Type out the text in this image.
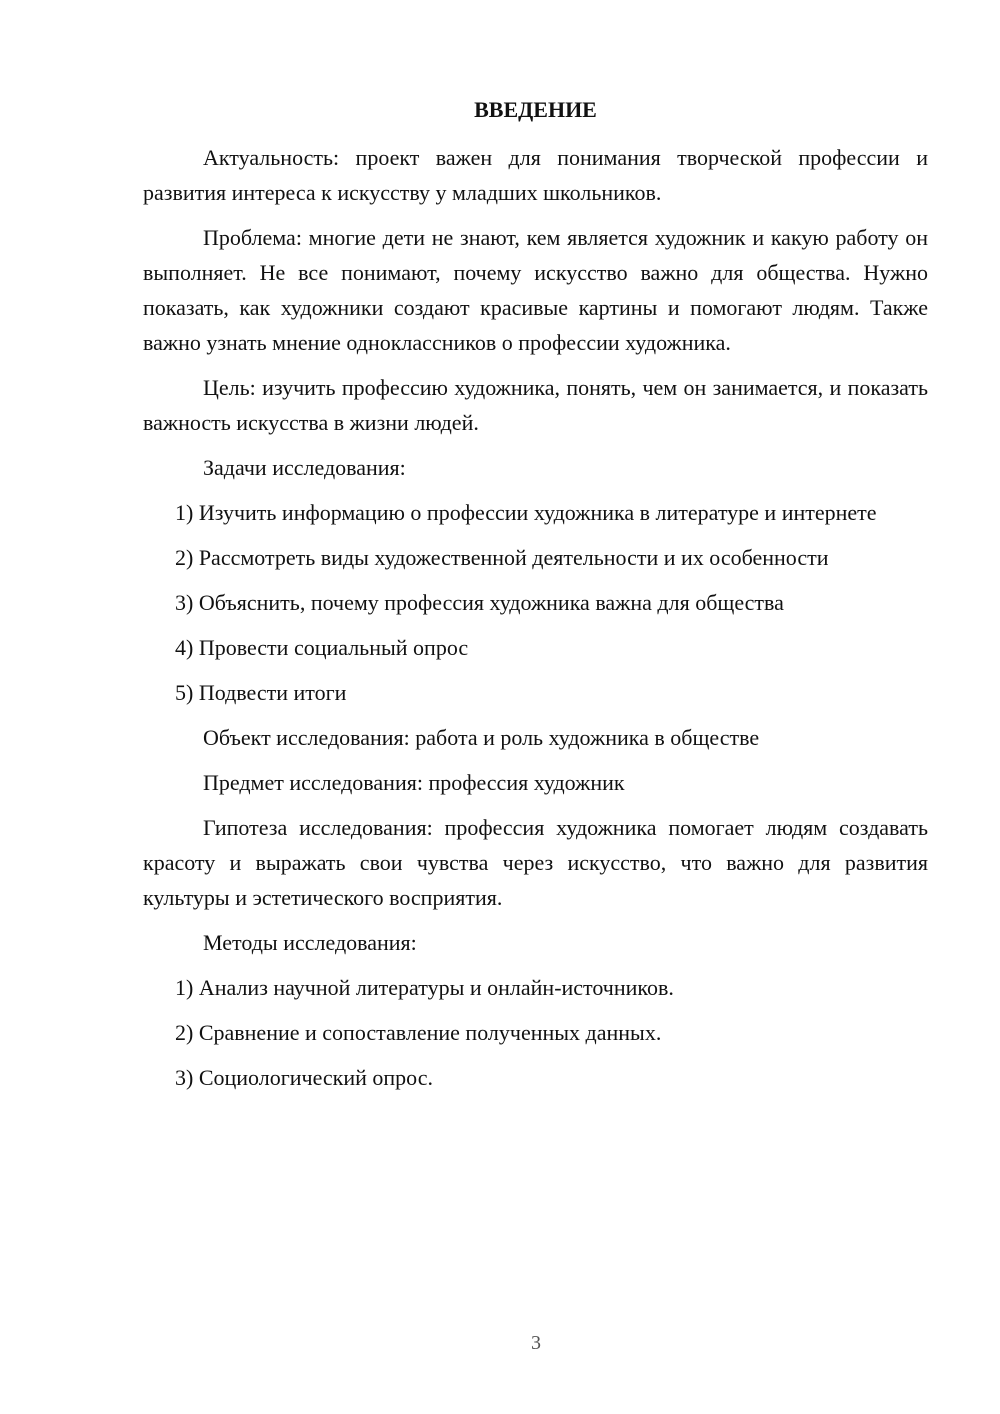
ВВЕДЕНИЕ

Актуальность: проект важен для понимания творческой профессии и развития интереса к искусству у младших школьников.

Проблема: многие дети не знают, кем является художник и какую работу он выполняет. Не все понимают, почему искусство важно для общества. Нужно показать, как художники создают красивые картины и помогают людям. Также важно узнать мнение одноклассников о профессии художника.

Цель: изучить профессию художника, понять, чем он занимается, и показать важность искусства в жизни людей.

Задачи исследования:

1) Изучить информацию о профессии художника в литературе и интернете

2) Рассмотреть виды художественной деятельности и их особенности

3) Объяснить, почему профессия художника важна для общества

4) Провести социальный опрос

5) Подвести итоги

Объект исследования: работа и роль художника в обществе

Предмет исследования: профессия художник

Гипотеза исследования: профессия художника помогает людям создавать красоту и выражать свои чувства через искусство, что важно для развития культуры и эстетического восприятия.

Методы исследования:

1) Анализ научной литературы и онлайн-источников.

2) Сравнение и сопоставление полученных данных.

3) Социологический опрос.

3
